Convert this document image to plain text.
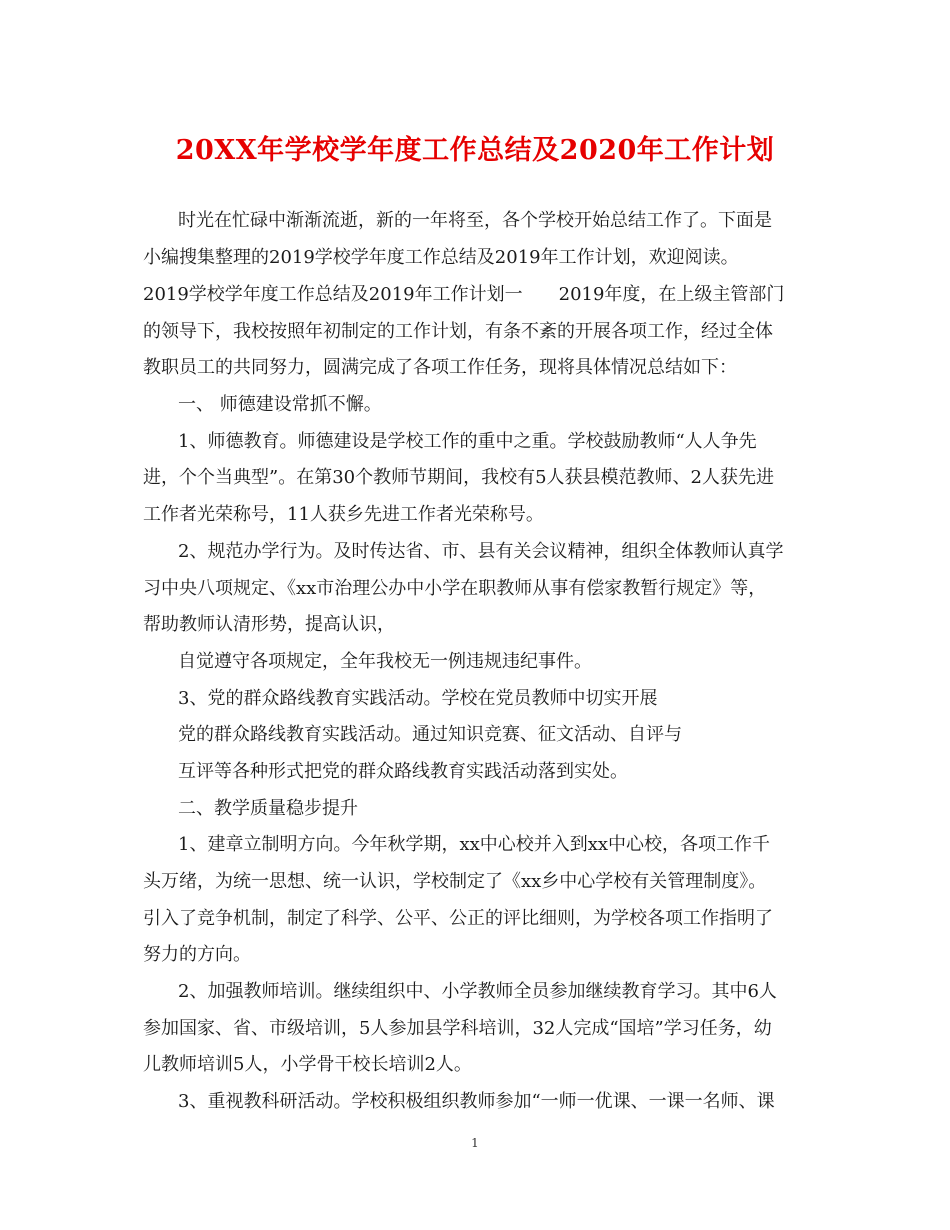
20XX年学校学年度工作总结及2020年工作计划
时光在忙碌中渐渐流逝，新的一年将至，各个学校开始总结工作了。下面是
小编搜集整理的2019学校学年度工作总结及2019年工作计划，欢迎阅读。
2019学校学年度工作总结及2019年工作计划一　　2019年度，在上级主管部门
的领导下，我校按照年初制定的工作计划，有条不紊的开展各项工作，经过全体
教职员工的共同努力，圆满完成了各项工作任务，现将具体情况总结如下：
一、 师德建设常抓不懈。
1、师德教育。师德建设是学校工作的重中之重。学校鼓励教师“人人争先
进，个个当典型”。在第30个教师节期间，我校有5人获县模范教师、2人获先进
工作者光荣称号，11人获乡先进工作者光荣称号。
2、规范办学行为。及时传达省、市、县有关会议精神，组织全体教师认真学
习中央八项规定、《xx市治理公办中小学在职教师从事有偿家教暂行规定》等，
帮助教师认清形势，提高认识，
自觉遵守各项规定，全年我校无一例违规违纪事件。
3、党的群众路线教育实践活动。学校在党员教师中切实开展
党的群众路线教育实践活动。通过知识竞赛、征文活动、自评与
互评等各种形式把党的群众路线教育实践活动落到实处。
二、教学质量稳步提升
1、建章立制明方向。今年秋学期，xx中心校并入到xx中心校，各项工作千
头万绪，为统一思想、统一认识，学校制定了《xx乡中心学校有关管理制度》。
引入了竞争机制，制定了科学、公平、公正的评比细则，为学校各项工作指明了
努力的方向。
2、加强教师培训。继续组织中、小学教师全员参加继续教育学习。其中6人
参加国家、省、市级培训，5人参加县学科培训，32人完成“国培”学习任务，幼
儿教师培训5人，小学骨干校长培训2人。
3、重视教科研活动。学校积极组织教师参加“一师一优课、一课一名师、课
1
